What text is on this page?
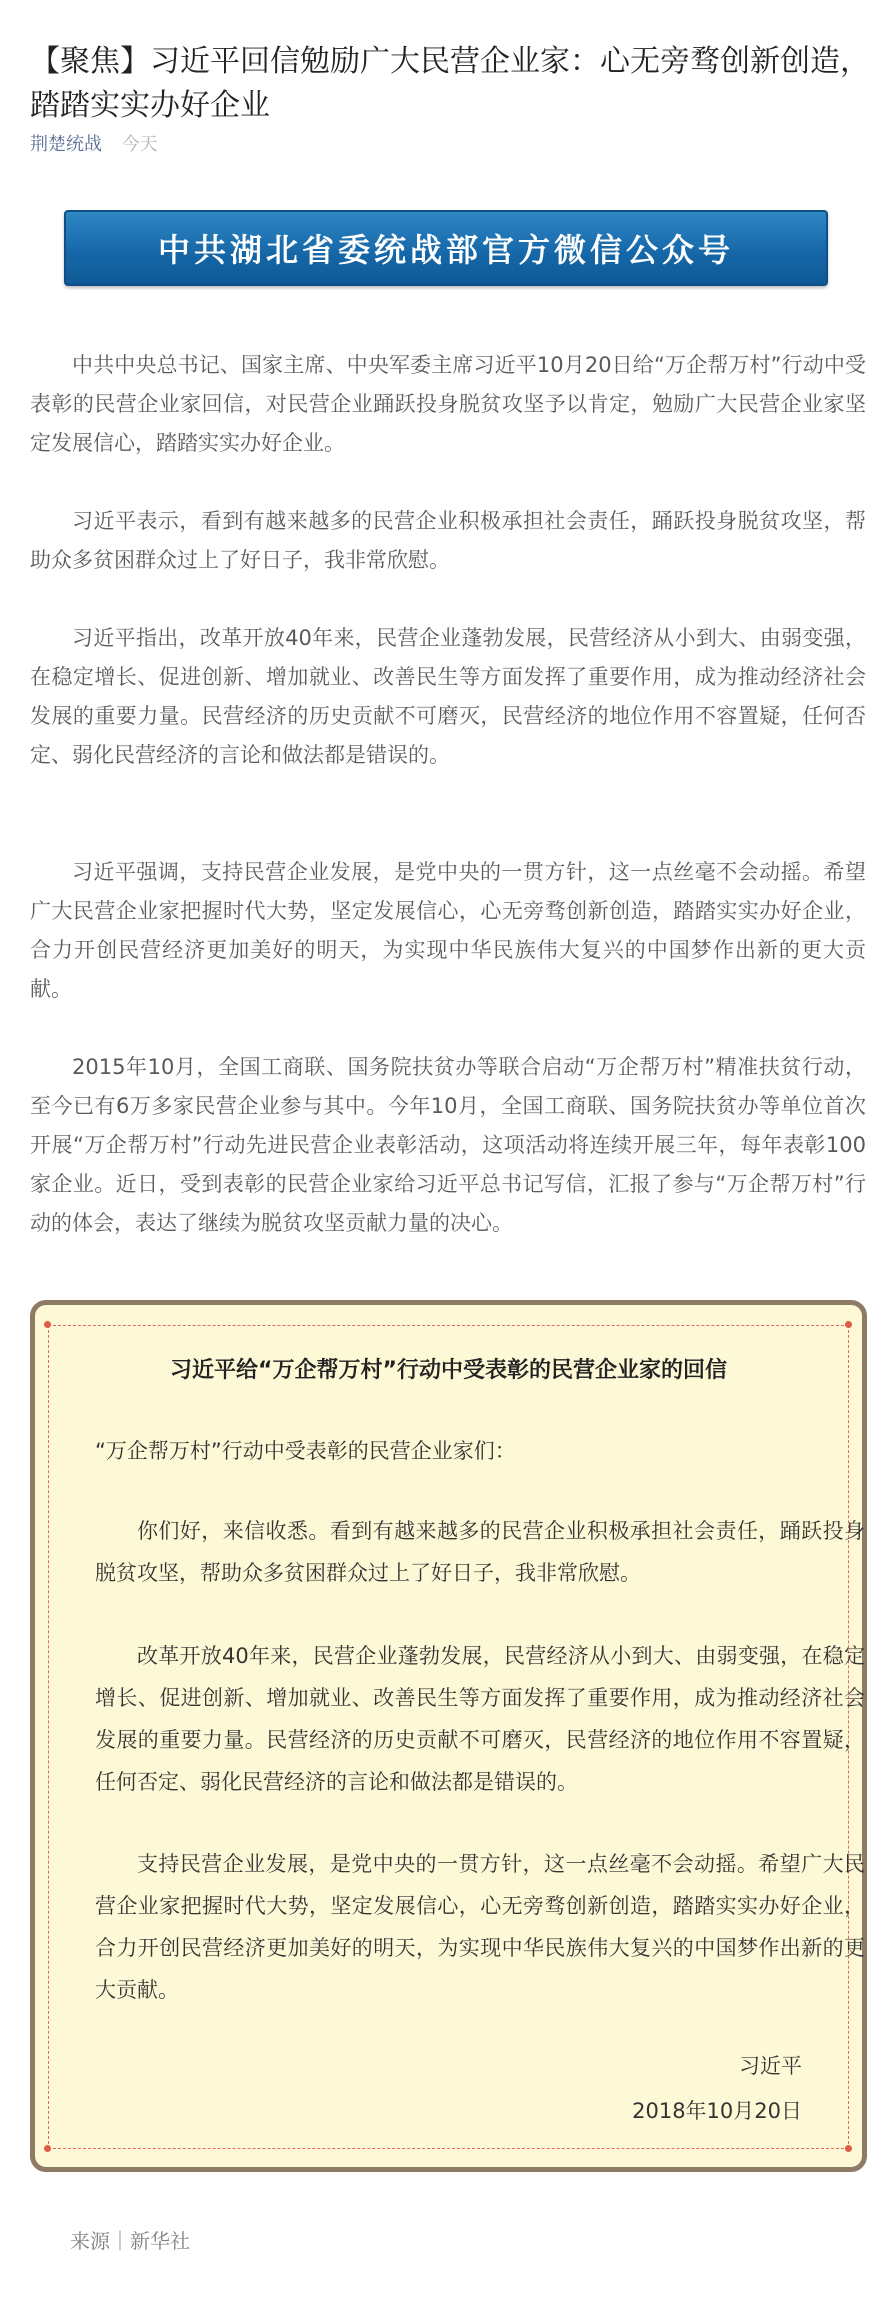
【聚焦】习近平回信勉励广大民营企业家：心无旁骛创新创造，踏踏实实办好企业
荆楚统战 今天
中共湖北省委统战部官方微信公众号

中共中央总书记、国家主席、中央军委主席习近平10月20日给“万企帮万村”行动中受表彰的民营企业家回信，对民营企业踊跃投身脱贫攻坚予以肯定，勉励广大民营企业家坚定发展信心，踏踏实实办好企业。

习近平表示，看到有越来越多的民营企业积极承担社会责任，踊跃投身脱贫攻坚，帮助众多贫困群众过上了好日子，我非常欣慰。

习近平指出，改革开放40年来，民营企业蓬勃发展，民营经济从小到大、由弱变强，在稳定增长、促进创新、增加就业、改善民生等方面发挥了重要作用，成为推动经济社会发展的重要力量。民营经济的历史贡献不可磨灭，民营经济的地位作用不容置疑，任何否定、弱化民营经济的言论和做法都是错误的。

习近平强调，支持民营企业发展，是党中央的一贯方针，这一点丝毫不会动摇。希望广大民营企业家把握时代大势，坚定发展信心，心无旁骛创新创造，踏踏实实办好企业，合力开创民营经济更加美好的明天，为实现中华民族伟大复兴的中国梦作出新的更大贡献。

2015年10月，全国工商联、国务院扶贫办等联合启动“万企帮万村”精准扶贫行动，至今已有6万多家民营企业参与其中。今年10月，全国工商联、国务院扶贫办等单位首次开展“万企帮万村”行动先进民营企业表彰活动，这项活动将连续开展三年，每年表彰100家企业。近日，受到表彰的民营企业家给习近平总书记写信，汇报了参与“万企帮万村”行动的体会，表达了继续为脱贫攻坚贡献力量的决心。

习近平给“万企帮万村”行动中受表彰的民营企业家的回信

“万企帮万村”行动中受表彰的民营企业家们：

你们好，来信收悉。看到有越来越多的民营企业积极承担社会责任，踊跃投身脱贫攻坚，帮助众多贫困群众过上了好日子，我非常欣慰。

改革开放40年来，民营企业蓬勃发展，民营经济从小到大、由弱变强，在稳定增长、促进创新、增加就业、改善民生等方面发挥了重要作用，成为推动经济社会发展的重要力量。民营经济的历史贡献不可磨灭，民营经济的地位作用不容置疑，任何否定、弱化民营经济的言论和做法都是错误的。

支持民营企业发展，是党中央的一贯方针，这一点丝毫不会动摇。希望广大民营企业家把握时代大势，坚定发展信心，心无旁骛创新创造，踏踏实实办好企业，合力开创民营经济更加美好的明天，为实现中华民族伟大复兴的中国梦作出新的更大贡献。

习近平
2018年10月20日
来源｜新华社
